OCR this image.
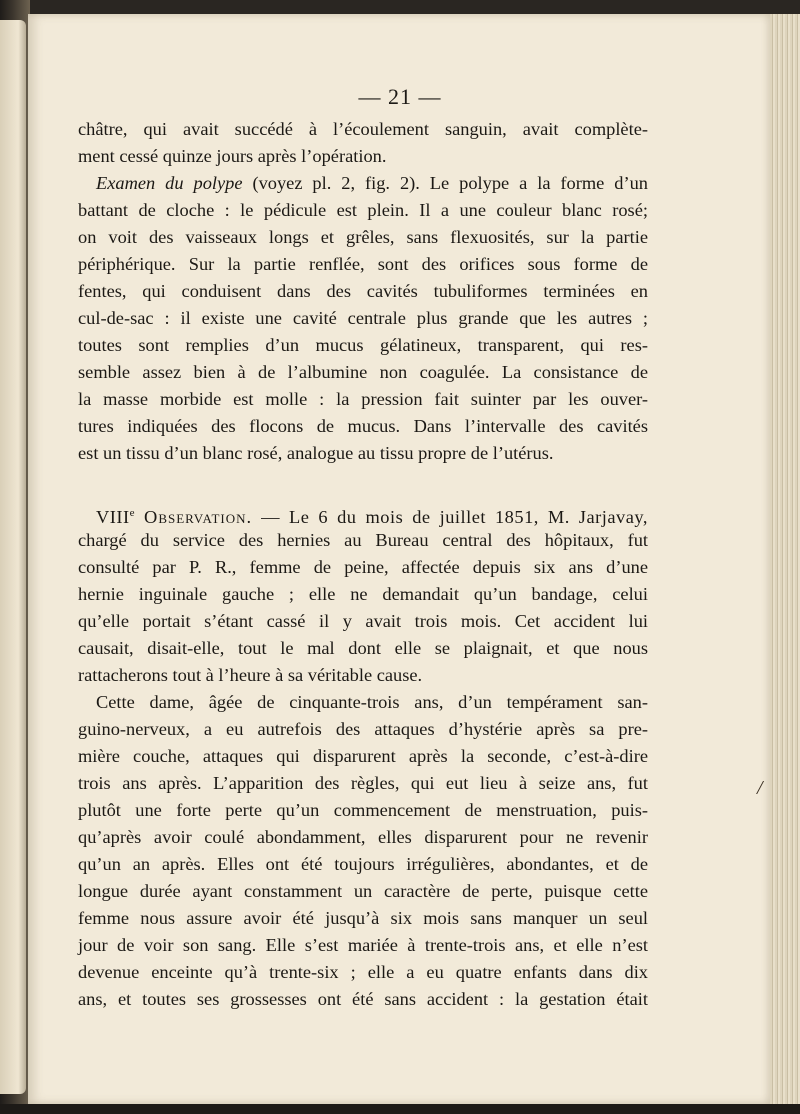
— 21 —
/
châtre, qui avait succédé à l’écoulement sanguin, avait complète-
ment cessé quinze jours après l’opération.
Examen du polype (voyez pl. 2, fig. 2). Le polype a la forme d’un
battant de cloche : le pédicule est plein. Il a une couleur blanc rosé;
on voit des vaisseaux longs et grêles, sans flexuosités, sur la partie
périphérique. Sur la partie renflée, sont des orifices sous forme de
fentes, qui conduisent dans des cavités tubuliformes terminées en
cul-de-sac : il existe une cavité centrale plus grande que les autres ;
toutes sont remplies d’un mucus gélatineux, transparent, qui res-
semble assez bien à de l’albumine non coagulée. La consistance de
la masse morbide est molle : la pression fait suinter par les ouver-
tures indiquées des flocons de mucus. Dans l’intervalle des cavités
est un tissu d’un blanc rosé, analogue au tissu propre de l’utérus.
VIIIe Observation. — Le 6 du mois de juillet 1851, M. Jarjavay,
chargé du service des hernies au Bureau central des hôpitaux, fut
consulté par P. R., femme de peine, affectée depuis six ans d’une
hernie inguinale gauche ; elle ne demandait qu’un bandage, celui
qu’elle portait s’étant cassé il y avait trois mois. Cet accident lui
causait, disait-elle, tout le mal dont elle se plaignait, et que nous
rattacherons tout à l’heure à sa véritable cause.
Cette dame, âgée de cinquante-trois ans, d’un tempérament san-
guino-nerveux, a eu autrefois des attaques d’hystérie après sa pre-
mière couche, attaques qui disparurent après la seconde, c’est-à-dire
trois ans après. L’apparition des règles, qui eut lieu à seize ans, fut
plutôt une forte perte qu’un commencement de menstruation, puis-
qu’après avoir coulé abondamment, elles disparurent pour ne revenir
qu’un an après. Elles ont été toujours irrégulières, abondantes, et de
longue durée ayant constamment un caractère de perte, puisque cette
femme nous assure avoir été jusqu’à six mois sans manquer un seul
jour de voir son sang. Elle s’est mariée à trente-trois ans, et elle n’est
devenue enceinte qu’à trente-six ; elle a eu quatre enfants dans dix
ans, et toutes ses grossesses ont été sans accident : la gestation était
